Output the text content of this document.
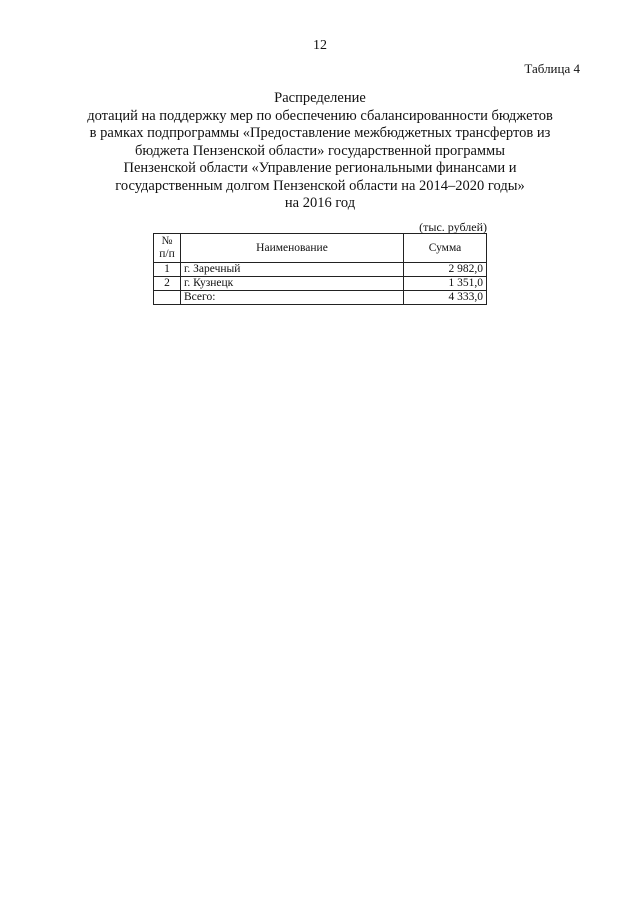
12
Таблица 4
Распределение
дотаций на поддержку мер по обеспечению сбалансированности бюджетов
в рамках подпрограммы «Предоставление межбюджетных трансфертов из
бюджета Пензенской области» государственной программы
Пензенской области «Управление региональными финансами и
государственным долгом Пензенской области на 2014–2020 годы»
на 2016 год
(тыс. рублей)
№
п/п	Наименование	Сумма
1	г. Заречный	2 982,0
2	г. Кузнецк	1 351,0
	Всего:	4 333,0
